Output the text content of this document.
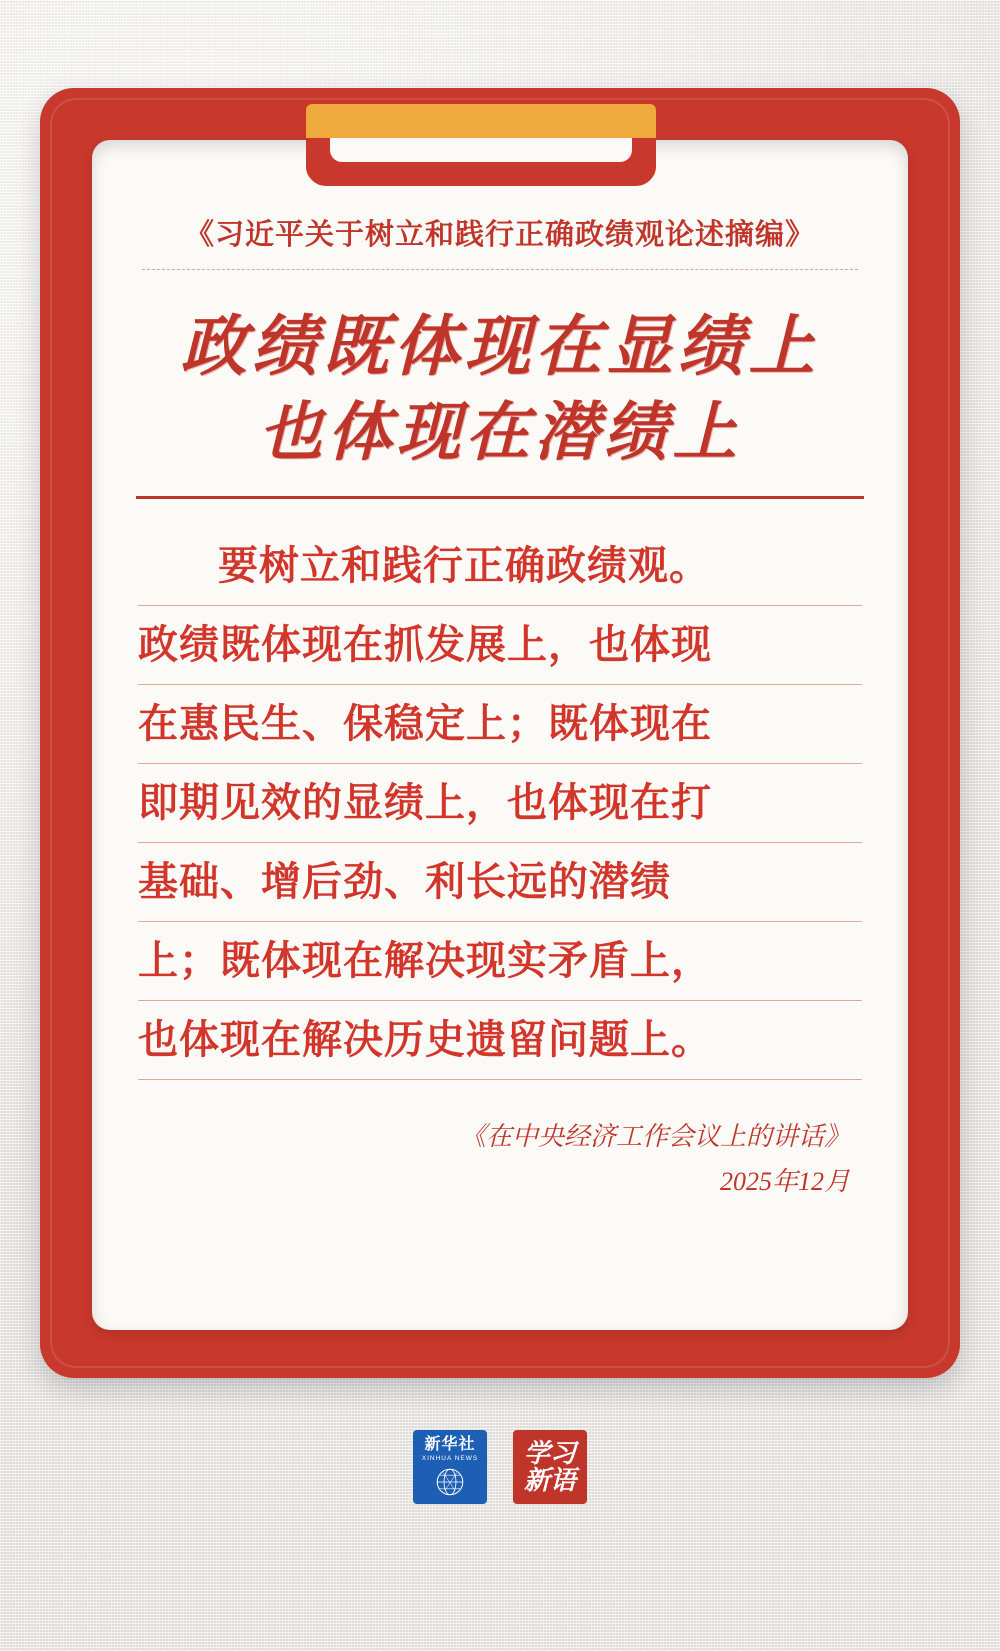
《习近平关于树立和践行正确政绩观论述摘编》
政绩既体现在显绩上
也体现在潜绩上
要树立和践行正确政绩观。
政绩既体现在抓发展上，也体现
在惠民生、保稳定上；既体现在
即期见效的显绩上，也体现在打
基础、增后劲、利长远的潜绩
上；既体现在解决现实矛盾上，
也体现在解决历史遗留问题上。
《在中央经济工作会议上的讲话》
2025年12月
新华社
XINHUA NEWS 学习
新语
